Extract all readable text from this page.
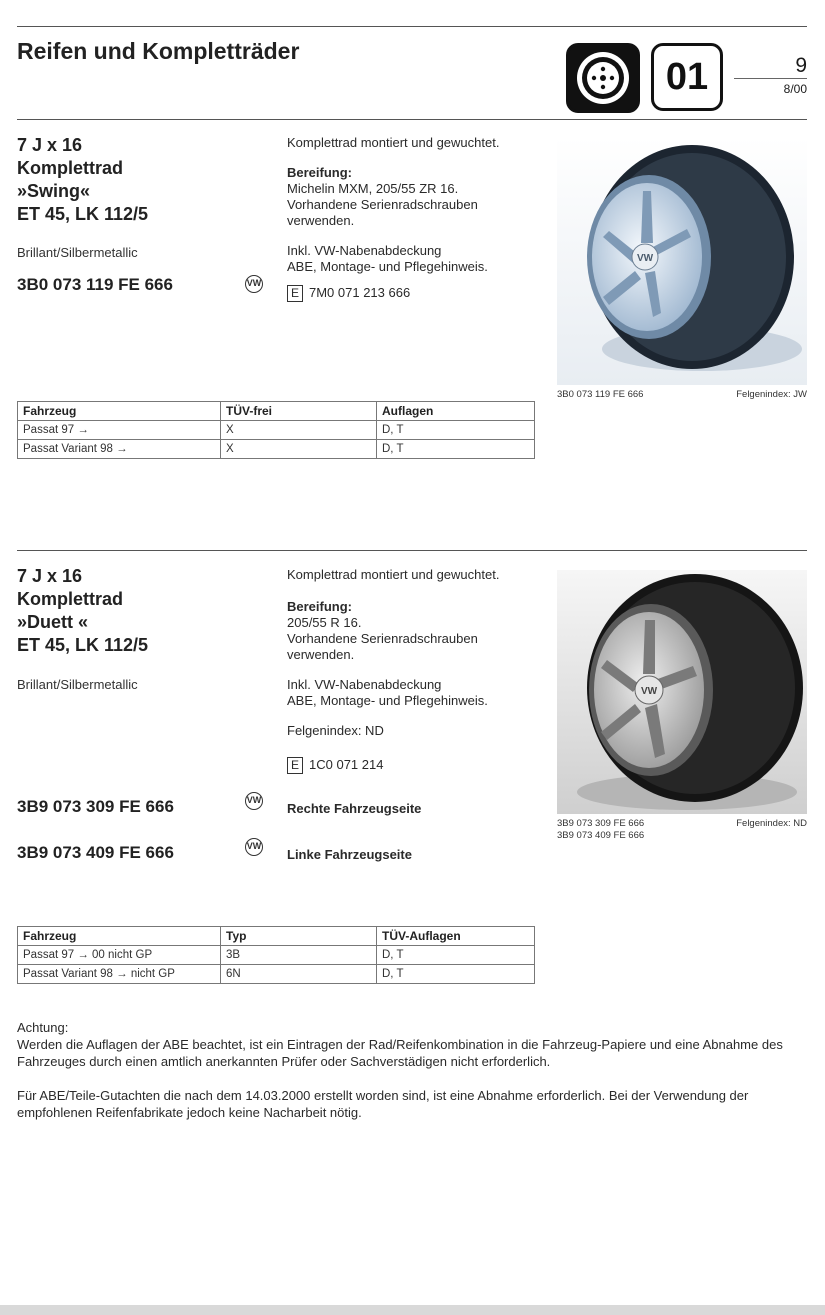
Reifen und Kompletträder
01	9
8/00
7 J x 16
Komplettrad
»Swing«
ET 45, LK 112/5
Brillant/Silbermetallic
3B0 073 119 FE 666	VW
Komplettrad montiert und gewuchtet.
Bereifung:
Michelin MXM, 205/55 ZR 16.
Vorhandene Serienradschrauben
verwenden.
Inkl. VW-Nabenabdeckung
ABE, Montage- und Pflegehinweis.
E 7M0 071 213 666
VW
3B0 073 119 FE 666	Felgenindex: JW
Fahrzeug	TÜV-frei	Auflagen
Passat 97 →	X	D, T
Passat Variant 98 →	X	D, T
7 J x 16
Komplettrad
»Duett «
ET 45, LK 112/5
Brillant/Silbermetallic
Komplettrad montiert und gewuchtet.
Bereifung:
205/55 R 16.
Vorhandene Serienradschrauben
verwenden.
Inkl. VW-Nabenabdeckung
ABE, Montage- und Pflegehinweis.
Felgenindex: ND
E 1C0 071 214
3B9 073 309 FE 666	VW
Rechte Fahrzeugseite
3B9 073 409 FE 666	VW
Linke Fahrzeugseite
VW
3B9 073 309 FE 666
3B9 073 409 FE 666
Felgenindex: ND
Fahrzeug	Typ	TÜV-Auflagen
Passat 97 → 00 nicht GP	3B	D, T
Passat Variant 98 → nicht GP	6N	D, T
Achtung:
Werden die Auflagen der ABE beachtet, ist ein Eintragen der Rad/Reifenkombination in die Fahrzeug-Papiere und eine Abnahme des Fahrzeuges durch einen amtlich anerkannten Prüfer oder Sachverstädigen nicht erforderlich.
Für ABE/Teile-Gutachten die nach dem 14.03.2000 erstellt worden sind, ist eine Abnahme erforderlich. Bei der Verwendung der empfohlenen Reifenfabrikate jedoch keine Nacharbeit nötig.
